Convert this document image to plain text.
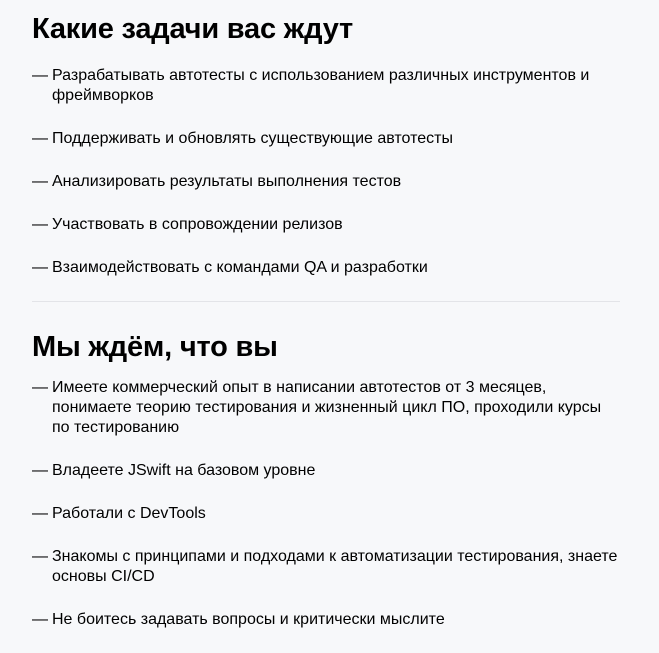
Какие задачи вас ждут
— Разрабатывать автотесты с использованием различных инструментов и фреймворков
— Поддерживать и обновлять существующие автотесты
— Анализировать результаты выполнения тестов
— Участвовать в сопровождении релизов
— Взаимодействовать с командами QA и разработки
Мы ждём, что вы
— Имеете коммерческий опыт в написании автотестов от 3 месяцев, понимаете теорию тестирования и жизненный цикл ПО, проходили курсы по тестированию
— Владеете JSwift на базовом уровне
— Работали с DevTools
— Знакомы с принципами и подходами к автоматизации тестирования, знаете основы CI/CD
— Не боитесь задавать вопросы и критически мыслите
